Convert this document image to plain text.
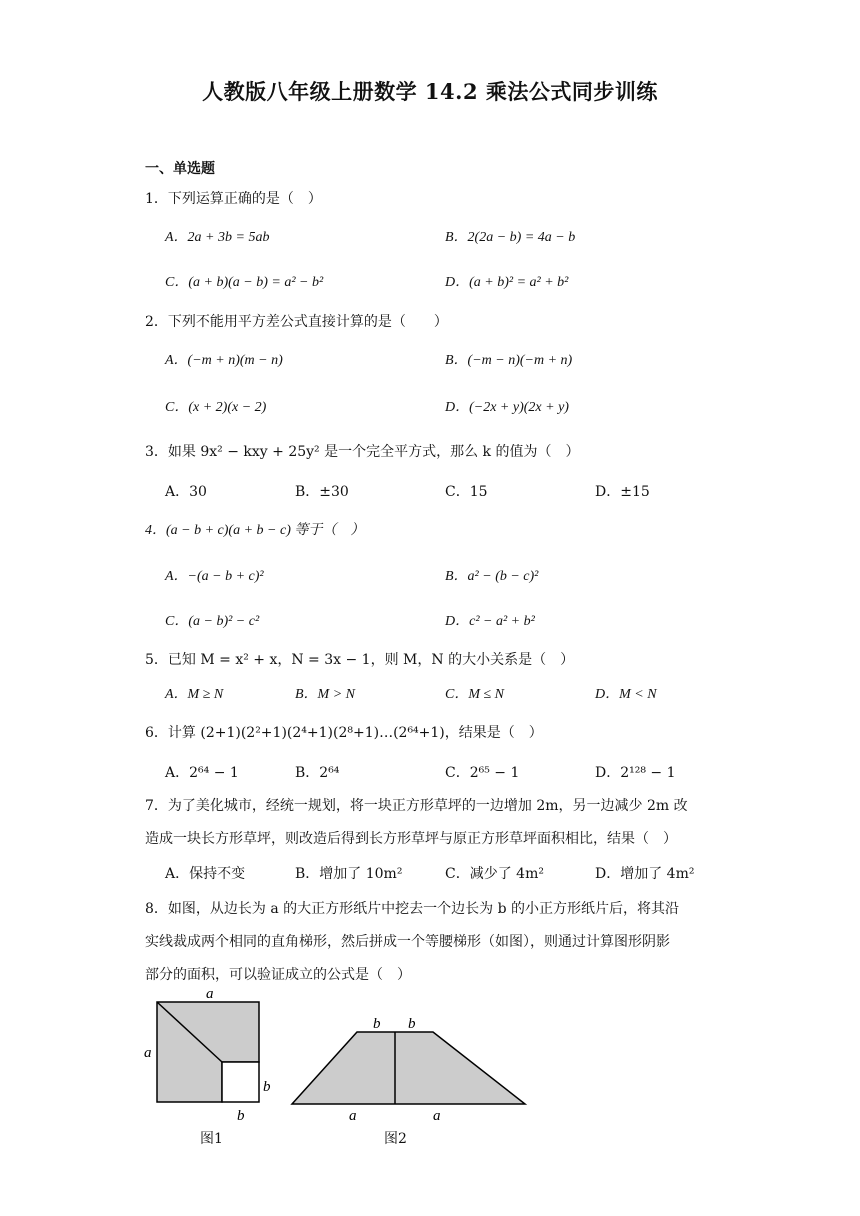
人教版八年级上册数学 14.2 乘法公式同步训练
一、单选题
1．下列运算正确的是（　）
A．2a + 3b = 5ab	B．2(2a − b) = 4a − b
C．(a + b)(a − b) = a² − b²	D．(a + b)² = a² + b²
2．下列不能用平方差公式直接计算的是（　　）
A．(−m + n)(m − n)	B．(−m − n)(−m + n)
C．(x + 2)(x − 2)	D．(−2x + y)(2x + y)
3．如果 9x² − kxy + 25y² 是一个完全平方式，那么 k 的值为（　）
A．30	B．±30	C．15	D．±15
4．(a − b + c)(a + b − c) 等于（　）
A．−(a − b + c)²	B．a² − (b − c)²
C．(a − b)² − c²	D．c² − a² + b²
5．已知 M = x² + x，N = 3x − 1，则 M，N 的大小关系是（　）
A．M ≥ N	B．M > N	C．M ≤ N	D．M < N
6．计算 (2+1)(2²+1)(2⁴+1)(2⁸+1)…(2⁶⁴+1)，结果是（　）
A．2⁶⁴ − 1	B．2⁶⁴	C．2⁶⁵ − 1	D．2¹²⁸ − 1
7．为了美化城市，经统一规划，将一块正方形草坪的一边增加 2m，另一边减少 2m 改
造成一块长方形草坪，则改造后得到长方形草坪与原正方形草坪面积相比，结果（　）
A．保持不变	B．增加了 10m²	C．减少了 4m²	D．增加了 4m²
8．如图，从边长为 a 的大正方形纸片中挖去一个边长为 b 的小正方形纸片后，将其沿
实线裁成两个相同的直角梯形，然后拼成一个等腰梯形（如图），则通过计算图形阴影
部分的面积，可以验证成立的公式是（　）
a
a
b
b
图1
b b
a	a
图2
